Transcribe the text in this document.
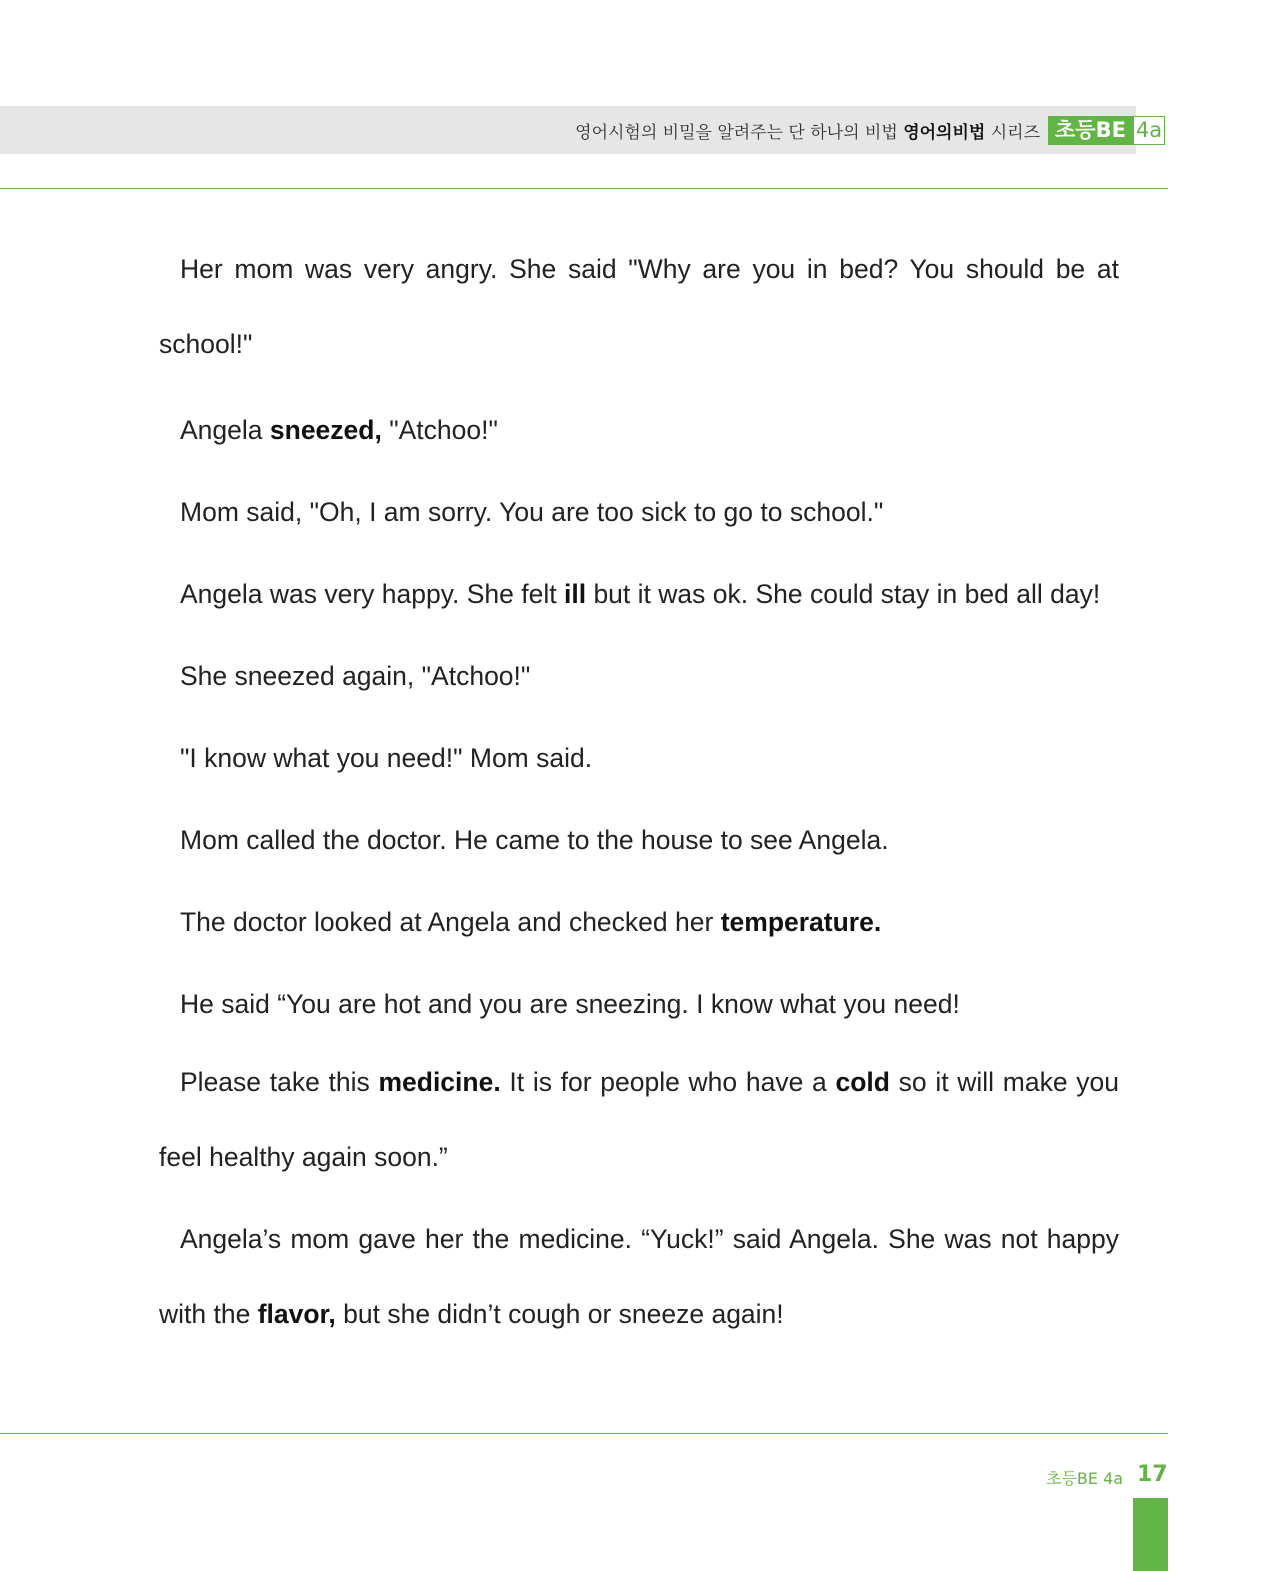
영어시험의 비밀을 알려주는 단 하나의 비법 영어의비법 시리즈 초등BE 4a

Her mom was very angry. She said "Why are you in bed? You should be at school!"

Angela sneezed, "Atchoo!"

Mom said, "Oh, I am sorry. You are too sick to go to school."

Angela was very happy. She felt ill but it was ok. She could stay in bed all day!

She sneezed again, "Atchoo!"

"I know what you need!" Mom said.

Mom called the doctor. He came to the house to see Angela.

The doctor looked at Angela and checked her temperature.

He said “You are hot and you are sneezing. I know what you need!

Please take this medicine. It is for people who have a cold so it will make you feel healthy again soon.”

Angela’s mom gave her the medicine. “Yuck!” said Angela. She was not happy with the flavor, but she didn’t cough or sneeze again!

초등BE 4a 17
